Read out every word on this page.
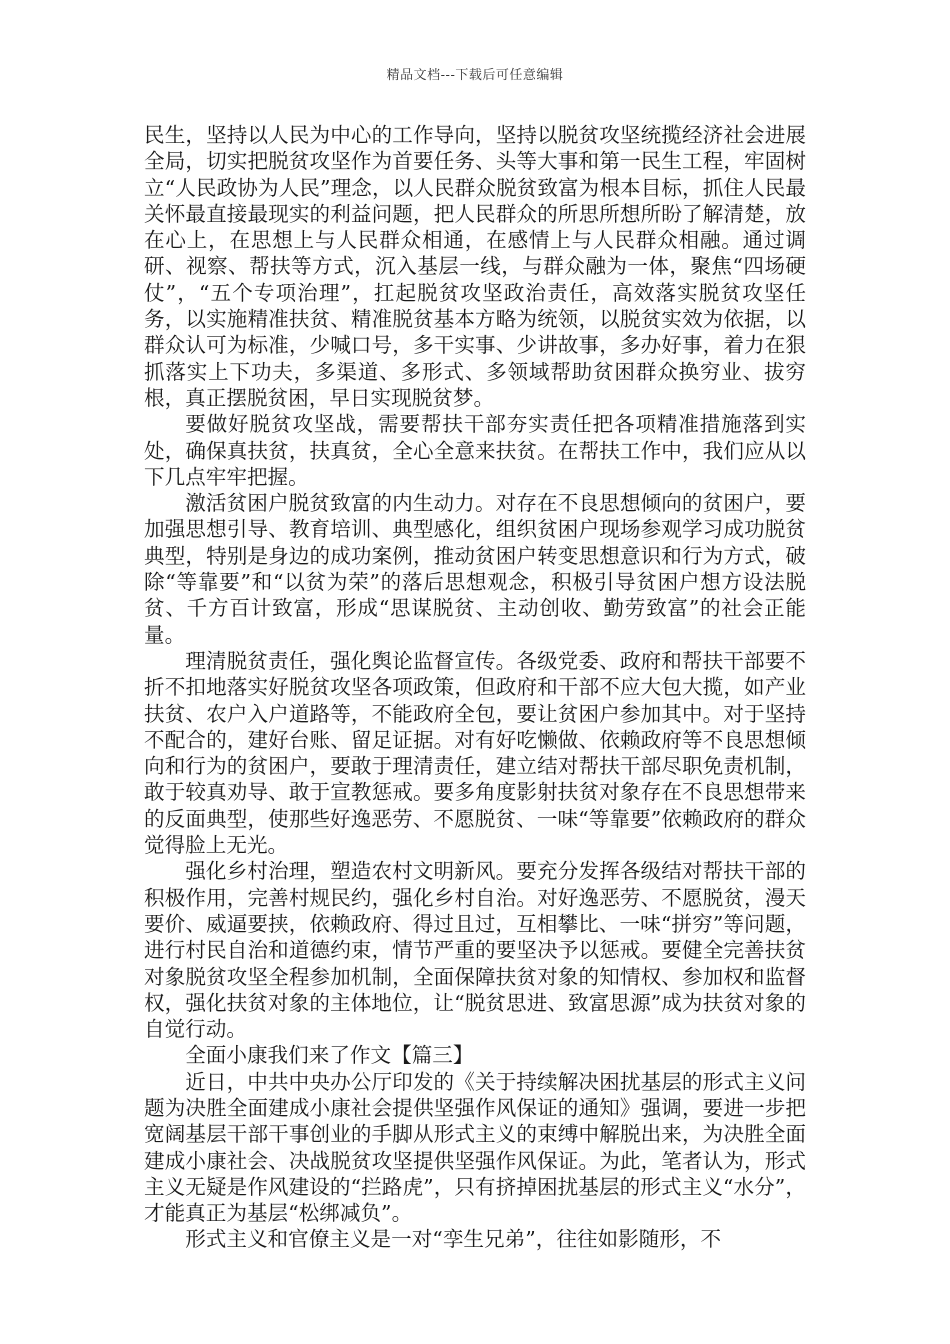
精品文档---下载后可任意编辑

民生，坚持以人民为中心的工作导向，坚持以脱贫攻坚统揽经济社会进展全局，切实把脱贫攻坚作为首要任务、头等大事和第一民生工程，牢固树立“人民政协为人民”理念，以人民群众脱贫致富为根本目标，抓住人民最关怀最直接最现实的利益问题，把人民群众的所思所想所盼了解清楚，放在心上，在思想上与人民群众相通，在感情上与人民群众相融。通过调研、视察、帮扶等方式，沉入基层一线，与群众融为一体，聚焦“四场硬仗”，“五个专项治理”，扛起脱贫攻坚政治责任，高效落实脱贫攻坚任务，以实施精准扶贫、精准脱贫基本方略为统领，以脱贫实效为依据，以群众认可为标准，少喊口号，多干实事、少讲故事，多办好事，着力在狠抓落实上下功夫，多渠道、多形式、多领域帮助贫困群众换穷业、拔穷根，真正摆脱贫困，早日实现脱贫梦。

要做好脱贫攻坚战，需要帮扶干部夯实责任把各项精准措施落到实处，确保真扶贫，扶真贫，全心全意来扶贫。在帮扶工作中，我们应从以下几点牢牢把握。

激活贫困户脱贫致富的内生动力。对存在不良思想倾向的贫困户，要加强思想引导、教育培训、典型感化，组织贫困户现场参观学习成功脱贫典型，特别是身边的成功案例，推动贫困户转变思想意识和行为方式，破除“等靠要”和“以贫为荣”的落后思想观念，积极引导贫困户想方设法脱贫、千方百计致富，形成“思谋脱贫、主动创收、勤劳致富”的社会正能量。

理清脱贫责任，强化舆论监督宣传。各级党委、政府和帮扶干部要不折不扣地落实好脱贫攻坚各项政策，但政府和干部不应大包大揽，如产业扶贫、农户入户道路等，不能政府全包，要让贫困户参加其中。对于坚持不配合的，建好台账、留足证据。对有好吃懒做、依赖政府等不良思想倾向和行为的贫困户，要敢于理清责任，建立结对帮扶干部尽职免责机制，敢于较真劝导、敢于宣教惩戒。要多角度影射扶贫对象存在不良思想带来的反面典型，使那些好逸恶劳、不愿脱贫、一味“等靠要”依赖政府的群众觉得脸上无光。

强化乡村治理，塑造农村文明新风。要充分发挥各级结对帮扶干部的积极作用，完善村规民约，强化乡村自治。对好逸恶劳、不愿脱贫，漫天要价、威逼要挟，依赖政府、得过且过，互相攀比、一味“拼穷”等问题，进行村民自治和道德约束，情节严重的要坚决予以惩戒。要健全完善扶贫对象脱贫攻坚全程参加机制，全面保障扶贫对象的知情权、参加权和监督权，强化扶贫对象的主体地位，让“脱贫思进、致富思源”成为扶贫对象的自觉行动。

全面小康我们来了作文【篇三】

近日，中共中央办公厅印发的《关于持续解决困扰基层的形式主义问题为决胜全面建成小康社会提供坚强作风保证的通知》强调，要进一步把宽阔基层干部干事创业的手脚从形式主义的束缚中解脱出来，为决胜全面建成小康社会、决战脱贫攻坚提供坚强作风保证。为此，笔者认为，形式主义无疑是作风建设的“拦路虎”，只有挤掉困扰基层的形式主义“水分”，才能真正为基层“松绑减负”。

形式主义和官僚主义是一对“孪生兄弟”，往往如影随形，不
